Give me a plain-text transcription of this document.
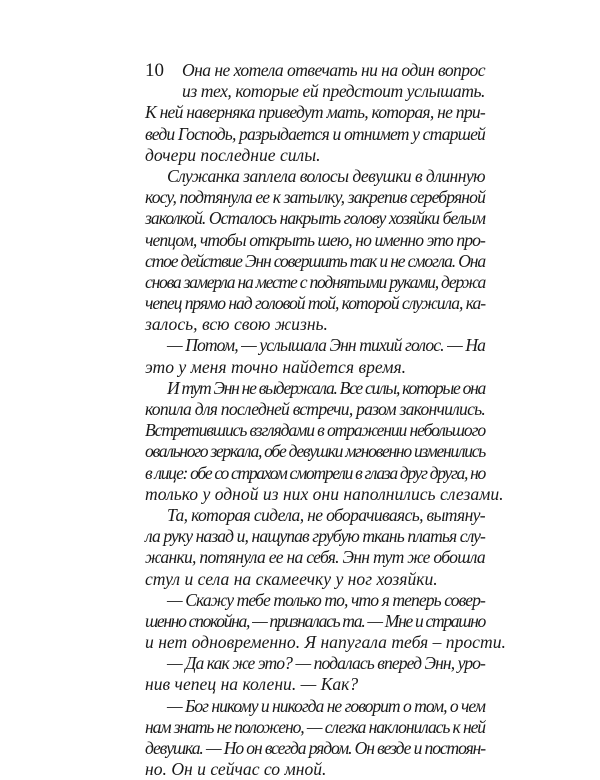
10	Она не хотела отвечать ни на один вопрос
из тех, которые ей предстоит услышать.
К ней наверняка приведут мать, которая, не при-
веди Господь, разрыдается и отнимет у старшей
дочери последние силы.
Служанка заплела волосы девушки в длинную
косу, подтянула ее к затылку, закрепив серебряной
заколкой. Осталось накрыть голову хозяйки белым
чепцом, чтобы открыть шею, но именно это про-
стое действие Энн совершить так и не смогла. Она
снова замерла на месте с поднятыми руками, держа
чепец прямо над головой той, которой служила, ка-
залось, всю свою жизнь.
— Потом, — услышала Энн тихий голос. — На
это у меня точно найдется время.
И тут Энн не выдержала. Все силы, которые она
копила для последней встречи, разом закончились.
Встретившись взглядами в отражении небольшого
овального зеркала, обе девушки мгновенно изменились
в лице: обе со страхом смотрели в глаза друг друга, но
только у одной из них они наполнились слезами.
Та, которая сидела, не оборачиваясь, вытяну-
ла руку назад и, нащупав грубую ткань платья слу-
жанки, потянула ее на себя. Энн тут же обошла
стул и села на скамеечку у ног хозяйки.
— Скажу тебе только то, что я теперь совер-
шенно спокойна, — призналась та. — Мне и страшно
и нет одновременно. Я напугала тебя – прости.
— Да как же это? — подалась вперед Энн, уро-
нив чепец на колени. — Как?
— Бог никому и никогда не говорит о том, о чем
нам знать не положено, — слегка наклонилась к ней
девушка. — Но он всегда рядом. Он везде и постоян-
но. Он и сейчас со мной.
